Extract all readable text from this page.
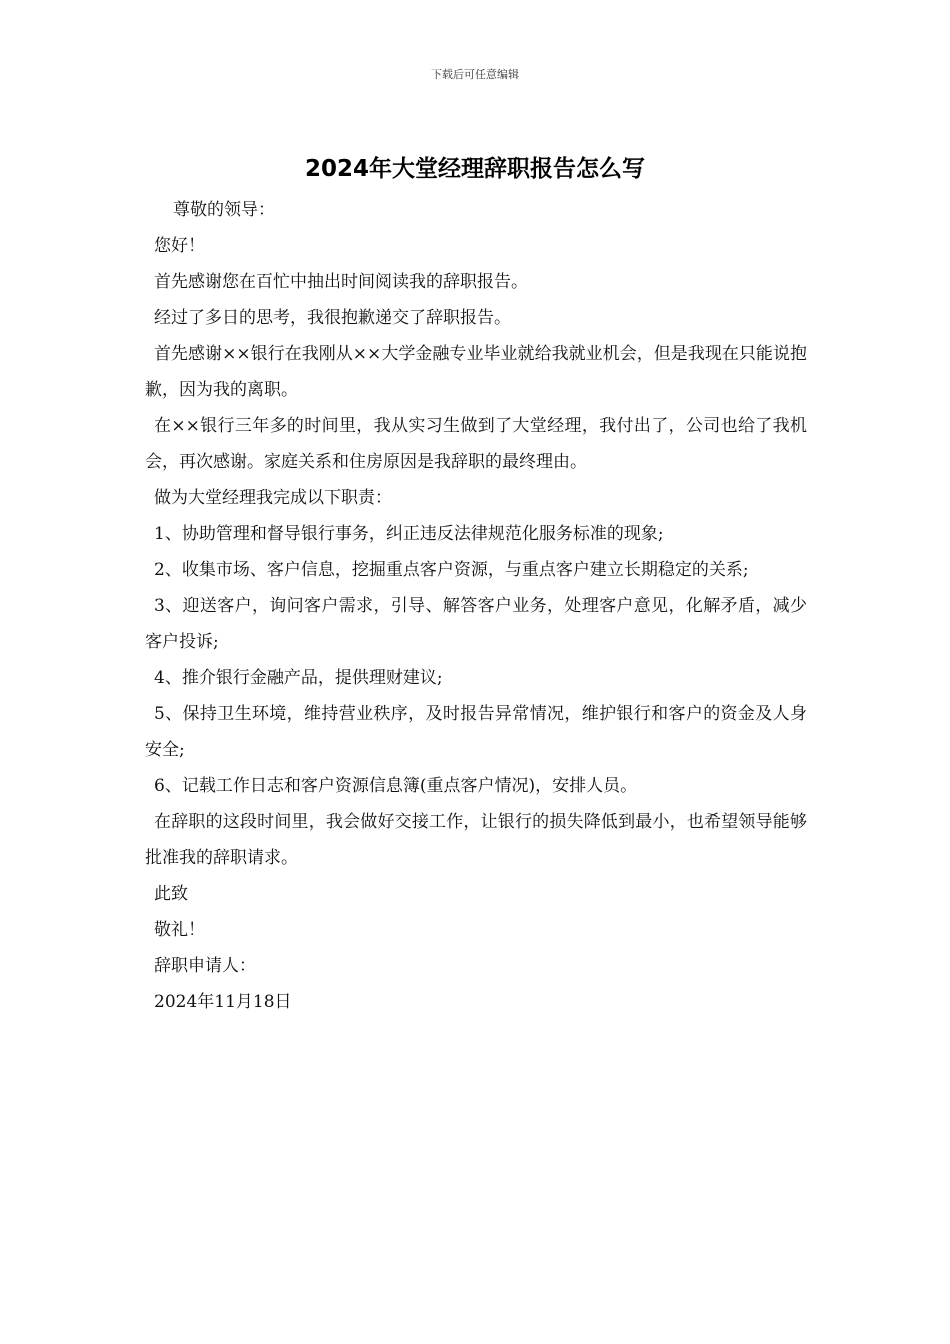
下载后可任意编辑
2024年大堂经理辞职报告怎么写

尊敬的领导：

您好！

首先感谢您在百忙中抽出时间阅读我的辞职报告。

经过了多日的思考，我很抱歉递交了辞职报告。

首先感谢××银行在我刚从××大学金融专业毕业就给我就业机会，但是我现在只能说抱歉，因为我的离职。

在××银行三年多的时间里，我从实习生做到了大堂经理，我付出了，公司也给了我机会，再次感谢。家庭关系和住房原因是我辞职的最终理由。

做为大堂经理我完成以下职责：

1、协助管理和督导银行事务，纠正违反法律规范化服务标准的现象;

2、收集市场、客户信息，挖掘重点客户资源，与重点客户建立长期稳定的关系;

3、迎送客户，询问客户需求，引导、解答客户业务，处理客户意见，化解矛盾，减少客户投诉;

4、推介银行金融产品，提供理财建议;

5、保持卫生环境，维持营业秩序，及时报告异常情况，维护银行和客户的资金及人身安全;

6、记载工作日志和客户资源信息簿(重点客户情况)，安排人员。

在辞职的这段时间里，我会做好交接工作，让银行的损失降低到最小，也希望领导能够批准我的辞职请求。

此致

敬礼！

辞职申请人：

2024年11月18日
